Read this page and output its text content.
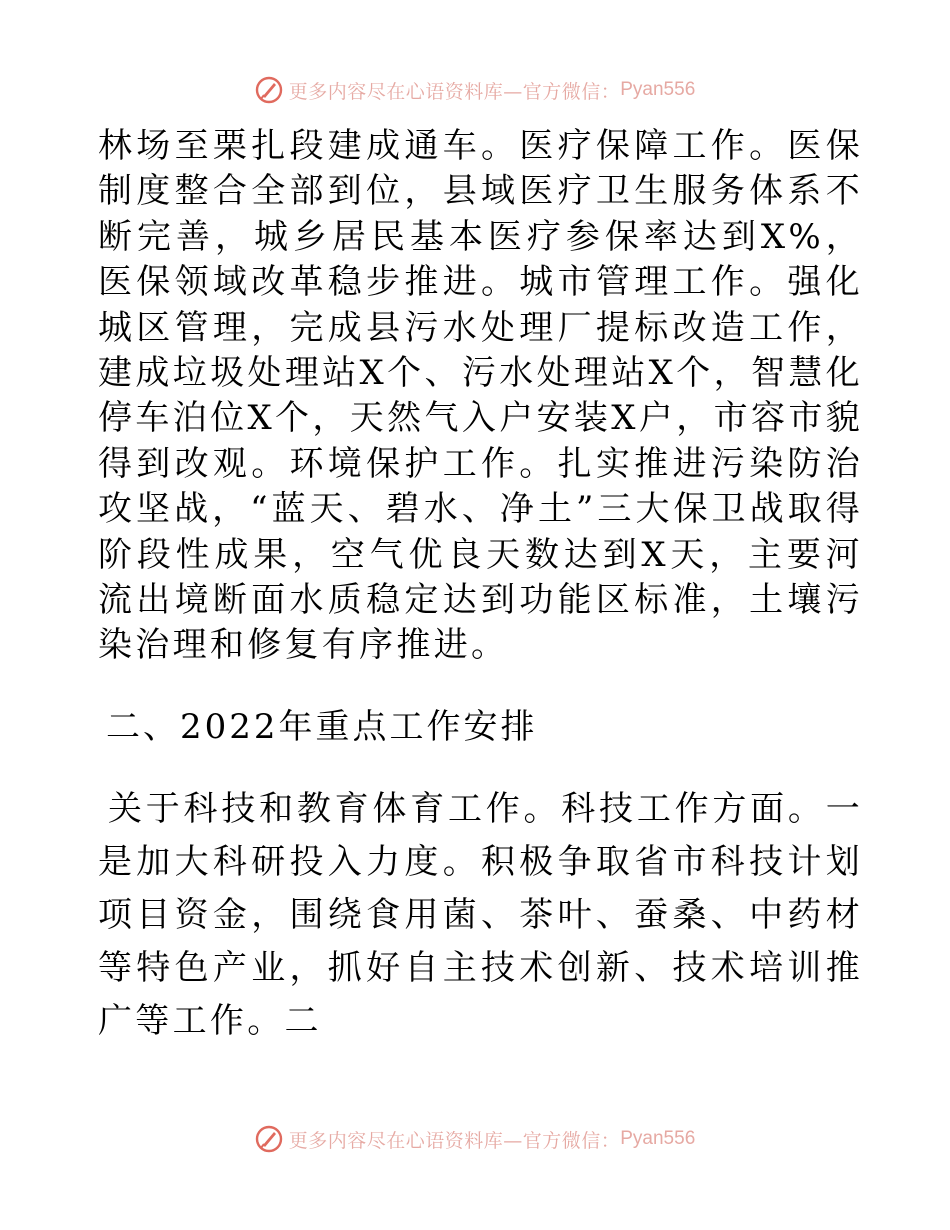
更多内容尽在心语资料库—官方微信： Pyan556

林场至栗扎段建成通车。医疗保障工作。医保制度整合全部到位，县域医疗卫生服务体系不断完善，城乡居民基本医疗参保率达到X%，医保领域改革稳步推进。城市管理工作。强化城区管理，完成县污水处理厂提标改造工作，建成垃圾处理站X个、污水处理站X个，智慧化停车泊位X个，天然气入户安装X户，市容市貌得到改观。环境保护工作。扎实推进污染防治攻坚战，“蓝天、碧水、净土”三大保卫战取得阶段性成果，空气优良天数达到X天，主要河流出境断面水质稳定达到功能区标准，土壤污染治理和修复有序推进。

二、2022年重点工作安排

关于科技和教育体育工作。科技工作方面。一是加大科研投入力度。积极争取省市科技计划项目资金，围绕食用菌、茶叶、蚕桑、中药材等特色产业，抓好自主技术创新、技术培训推广等工作。二

更多内容尽在心语资料库—官方微信： Pyan556
